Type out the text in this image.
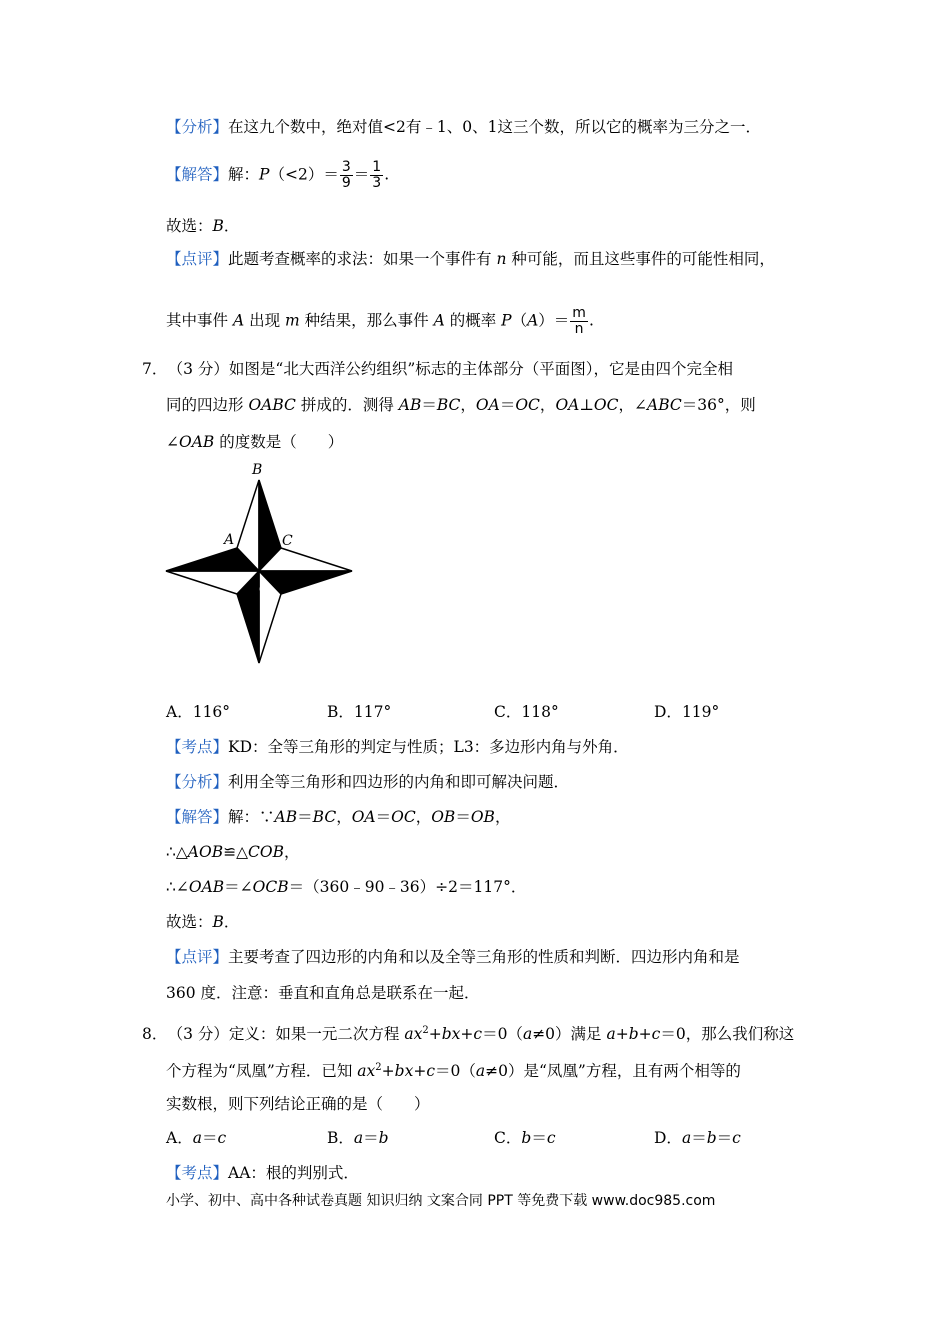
【分析】在这九个数中，绝对值<2有﹣1、0、1这三个数，所以它的概率为三分之一．
【解答】解：$P(<2)= \frac{3}{9} = \frac{1}{3}$ .
故选：B．
【点评】此题考查概率的求法：如果一个事件有 n 种可能，而且这些事件的可能性相同，
其中事件 A 出现 m 种结果，那么事件 A 的概率 $P(A)= \frac{m}{n}$ .
7． （3 分）如图是“北大西洋公约组织”标志的主体部分（平面图），它是由四个完全相
同的四边形 OABC 拼成的．测得 AB＝BC，OA＝OC，OA⊥OC，∠ABC＝36°，则
∠OAB 的度数是（　　）
B
A	C
O
A．116°	B．117°	C．118°	D．119°
【考点】KD：全等三角形的判定与性质；L3：多边形内角与外角．
【分析】利用全等三角形和四边形的内角和即可解决问题．
【解答】解：∵AB＝BC，OA＝OC，OB＝OB，
∴△AOB≌△COB，
∴∠OAB＝∠OCB＝（360﹣90﹣36）÷2＝117°．
故选：B．
【点评】主要考查了四边形的内角和以及全等三角形的性质和判断．四边形内角和是
360 度．注意：垂直和直角总是联系在一起．
8． （3 分）定义：如果一元二次方程 $ax^2+bx+c=0(a\ne 0)$满足 a+b+c＝0，那么我们称这
个方程为“凤凰”方程．已知 $ax^2+bx+c=0(a\ne 0)$是“凤凰”方程，且有两个相等的
实数根，则下列结论正确的是（　　）
A．a＝c	B．a＝b	C．b＝c	D．a＝b＝c
【考点】AA：根的判别式．
小学、初中、高中各种试卷真题 知识归纳 文案合同 PPT 等免费下载 www.doc985.com
